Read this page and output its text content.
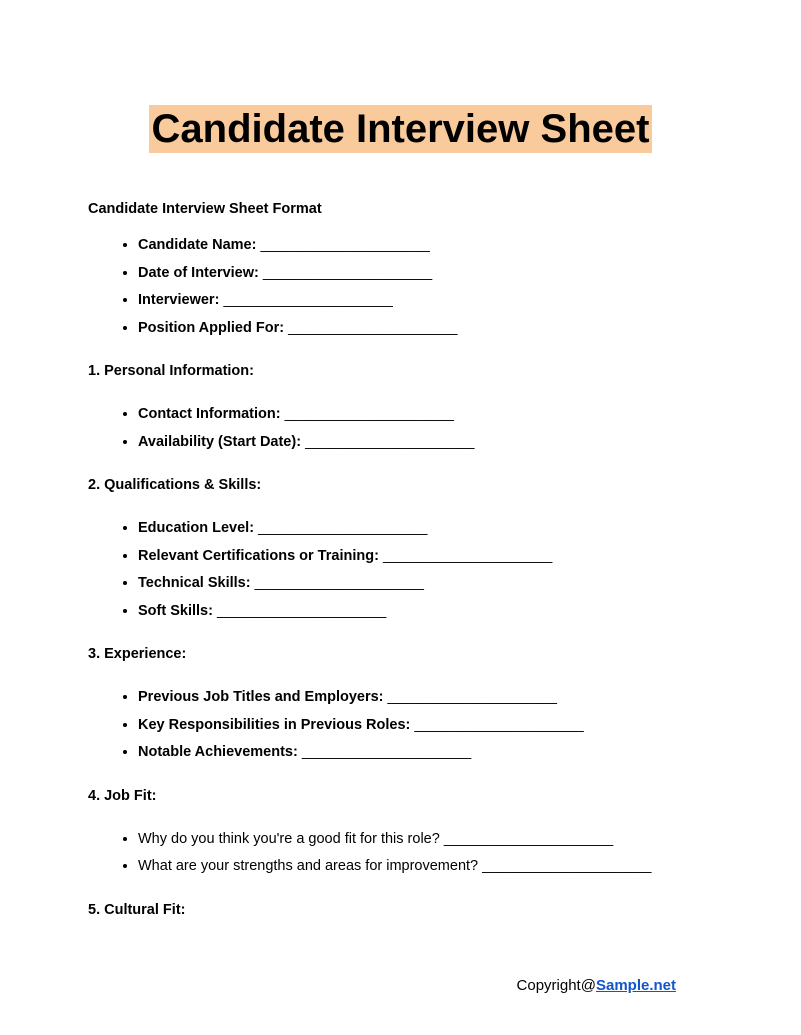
Candidate Interview Sheet
Candidate Interview Sheet Format
• Candidate Name: _____________________
• Date of Interview: _____________________
• Interviewer: _____________________
• Position Applied For: _____________________
1. Personal Information:
• Contact Information: _____________________
• Availability (Start Date): _____________________
2. Qualifications & Skills:
• Education Level: _____________________
• Relevant Certifications or Training: _____________________
• Technical Skills: _____________________
• Soft Skills: _____________________
3. Experience:
• Previous Job Titles and Employers: _____________________
• Key Responsibilities in Previous Roles: _____________________
• Notable Achievements: _____________________
4. Job Fit:
• Why do you think you're a good fit for this role? _____________________
• What are your strengths and areas for improvement? _____________________
5. Cultural Fit:
Copyright@Sample.net
